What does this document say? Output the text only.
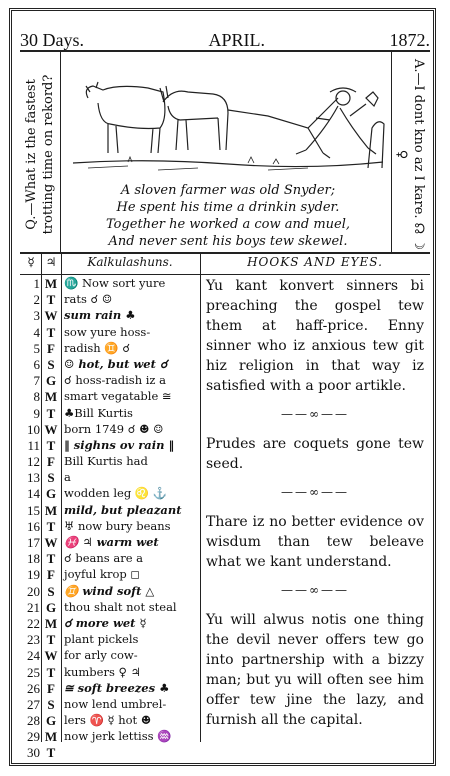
30 Days.	APRIL.	1872.
Q.—What iz the fastest trotting time on rekord?	A.—I dont kno az I kare. ☊ ☽ ♀
A sloven farmer was old Snyder;
He spent his time a drinkin syder.
Together he worked a cow and muel,
And never sent his boys tew skewel.
☿ ♃	Kalkulashuns.	HOOKS AND EYES.
1 M ♏ Now sort yure
2 T rats ☌ ☺
3 W sum rain ♣
4 T sow yure hoss-
5 F radish ♊ ☌
6 S ☺ hot, but wet ☌
7 G ☌ hoss-radish iz a
8 M smart vegatable ≅
9 T ♣Bill Kurtis
10 W born 1749 ☌ ☻ ☺
11 T ‖ sighns ov rain ‖
12 F Bill Kurtis had
13 S a
14 G wodden leg ♌ ⚓
15 M mild, but pleazant
16 T ♅ now bury beans
17 W ♓ ♃ warm wet
18 T ☌ beans are a
19 F joyful krop ◻
20 S ♊ wind soft △
21 G thou shalt not steal
22 M ☌ more wet ☿
23 T plant pickels
24 W for arly cow-
25 T kumbers ♀ ♃
26 F ≅ soft breezes ♣
27 S now lend umbrel-
28 G lers ♈ ☿ hot ☻
29 M now jerk lettiss ♒
30 T

Yu kant konvert sinners bi preaching the gospel tew them at haff-price. Enny sinner who iz anxious tew git hiz religion in that way iz satisfied with a poor artikle.

——∞——

Prudes are coquets gone tew seed.

——∞——

Thare iz no better evidence ov wisdum than tew beleave what we kant understand.

——∞——

Yu will alwus notis one thing the devil never offers tew go into partnership with a bizzy man; but yu will often see him offer tew jine the lazy, and furnish all the capital.
